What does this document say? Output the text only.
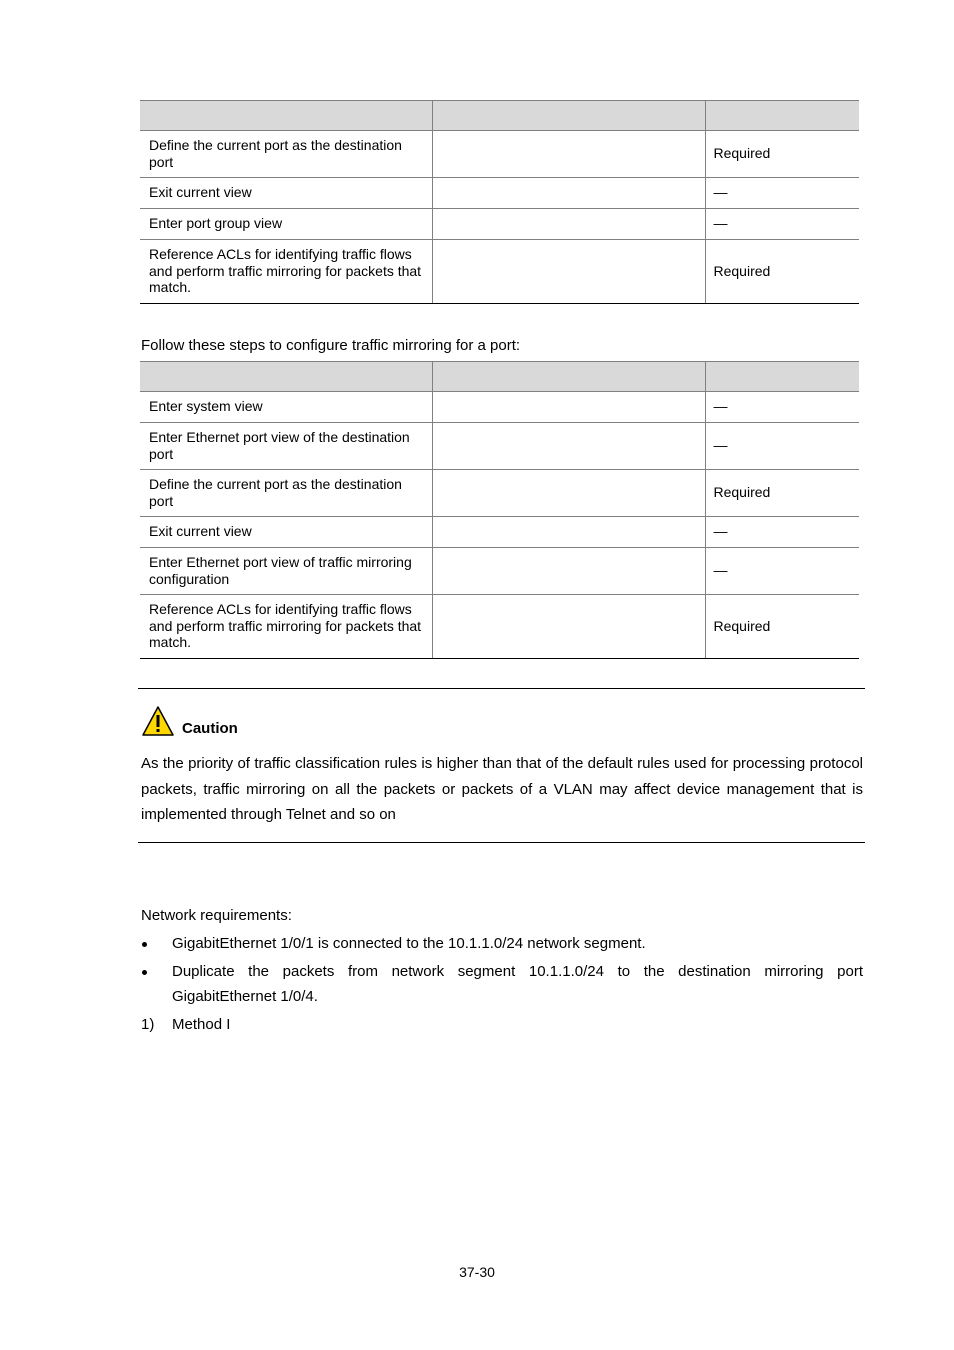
Define the current port as the destination port		Required
Exit current view		—
Enter port group view		—
Reference ACLs for identifying traffic flows and perform traffic mirroring for packets that match.		Required
Follow these steps to configure traffic mirroring for a port:

Enter system view		—
Enter Ethernet port view of the destination port		—
Define the current port as the destination port		Required
Exit current view		—
Enter Ethernet port view of traffic mirroring configuration		—
Reference ACLs for identifying traffic flows and perform traffic mirroring for packets that match.		Required
Caution

As the priority of traffic classification rules is higher than that of the default rules used for processing protocol packets, traffic mirroring on all the packets or packets of a VLAN may affect device management that is implemented through Telnet and so on

Network requirements:
GigabitEthernet 1/0/1 is connected to the 10.1.1.0/24 network segment.
Duplicate the packets from network segment 10.1.1.0/24 to the destination mirroring port GigabitEthernet 1/0/4.
1) Method I
37-30
